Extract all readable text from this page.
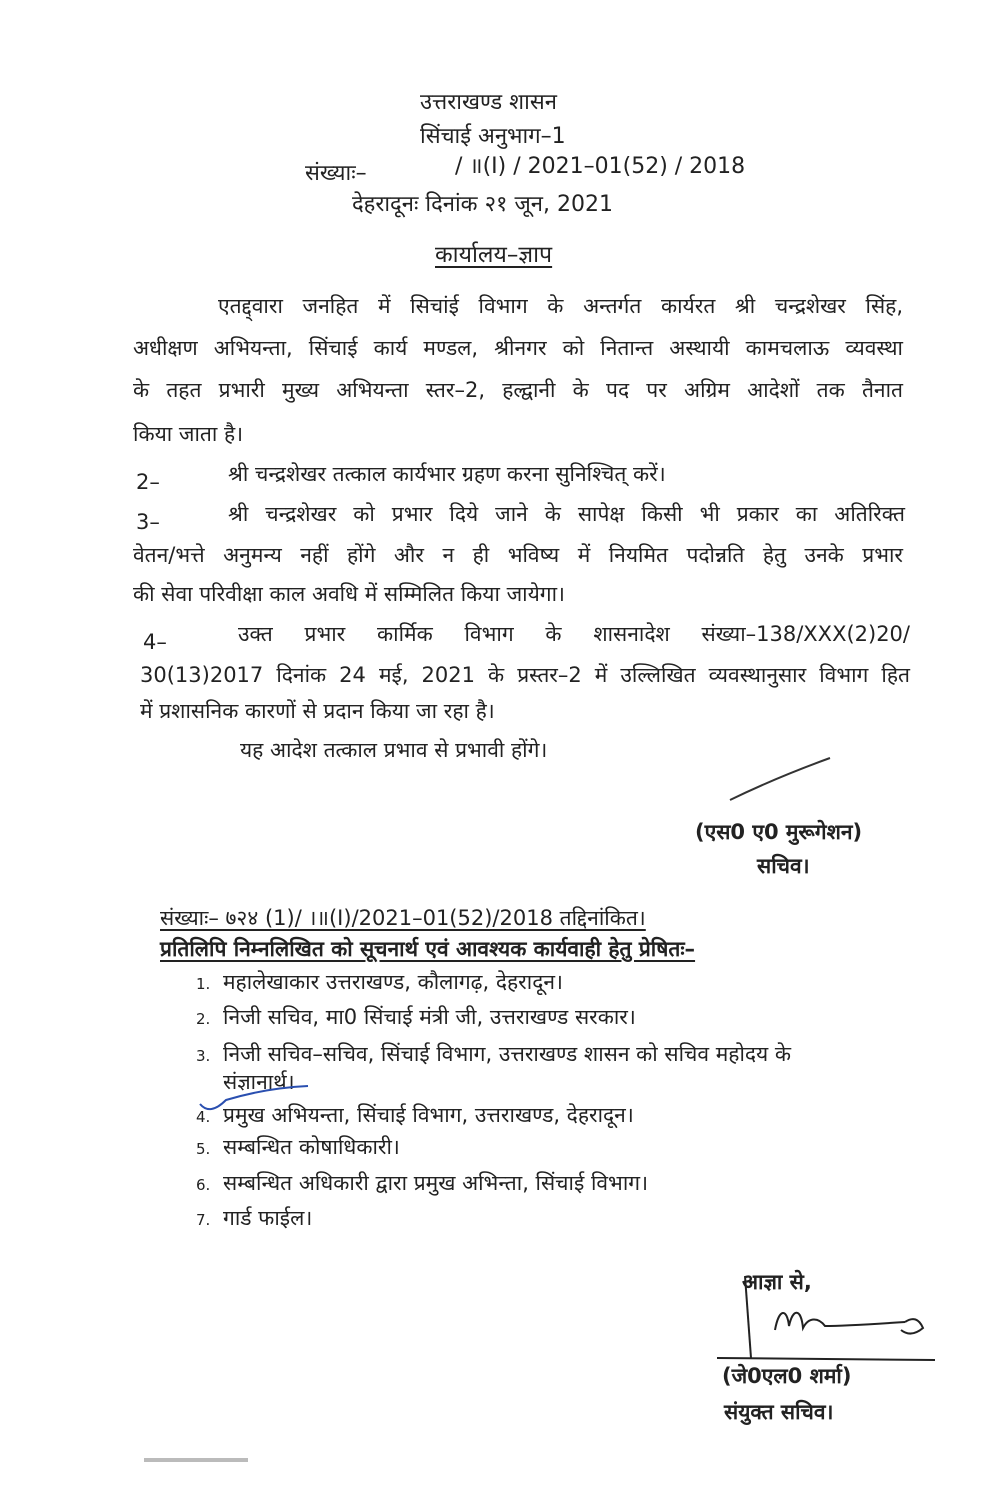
उत्तराखण्ड शासन
सिंचाई अनुभाग–1
संख्याः–	/ ॥(I) / 2021–01(52) / 2018
देहरादूनः दिनांक २१ जून, 2021
कार्यालय–ज्ञाप
एतद्द्वारा जनहित में सिचांई विभाग के अन्तर्गत कार्यरत श्री चन्द्रशेखर सिंह,
अधीक्षण अभियन्ता, सिंचाई कार्य मण्डल, श्रीनगर को नितान्त अस्थायी कामचलाऊ व्यवस्था
के तहत प्रभारी मुख्य अभियन्ता स्तर–2, हल्द्वानी के पद पर अग्रिम आदेशों तक तैनात
किया जाता है।
2–	श्री चन्द्रशेखर तत्काल कार्यभार ग्रहण करना सुनिश्चित् करें।
3–	श्री चन्द्रशेखर को प्रभार दिये जाने के सापेक्ष किसी भी प्रकार का अतिरिक्त
वेतन/भत्ते अनुमन्य नहीं होंगे और न ही भविष्य में नियमित पदोन्नति हेतु उनके प्रभार
की सेवा परिवीक्षा काल अवधि में सम्मिलित किया जायेगा।
4–	उक्त प्रभार कार्मिक विभाग के शासनादेश संख्या–138/XXX(2)20/
30(13)2017 दिनांक 24 मई, 2021 के प्रस्तर–2 में उल्लिखित व्यवस्थानुसार विभाग हित
में प्रशासनिक कारणों से प्रदान किया जा रहा है।
यह आदेश तत्काल प्रभाव से प्रभावी होंगे।
(एस0 ए0 मुरूगेशन)
सचिव।
संख्याः– ७२४ (1)/ ।॥(I)/2021–01(52)/2018 तद्दिनांकित।
प्रतिलिपि निम्नलिखित को सूचनार्थ एवं आवश्यक कार्यवाही हेतु प्रेषितः–
1. महालेखाकार उत्तराखण्ड, कौलागढ़, देहरादून।
2. निजी सचिव, मा0 सिंचाई मंत्री जी, उत्तराखण्ड सरकार।
3. निजी सचिव–सचिव, सिंचाई विभाग, उत्तराखण्ड शासन को सचिव महोदय के
संज्ञानार्थ।
4. प्रमुख अभियन्ता, सिंचाई विभाग, उत्तराखण्ड, देहरादून।
5. सम्बन्धित कोषाधिकारी।
6. सम्बन्धित अधिकारी द्वारा प्रमुख अभिन्ता, सिंचाई विभाग।
7. गार्ड फाईल।
आज्ञा से,
(जे0एल0 शर्मा)
संयुक्त सचिव।
